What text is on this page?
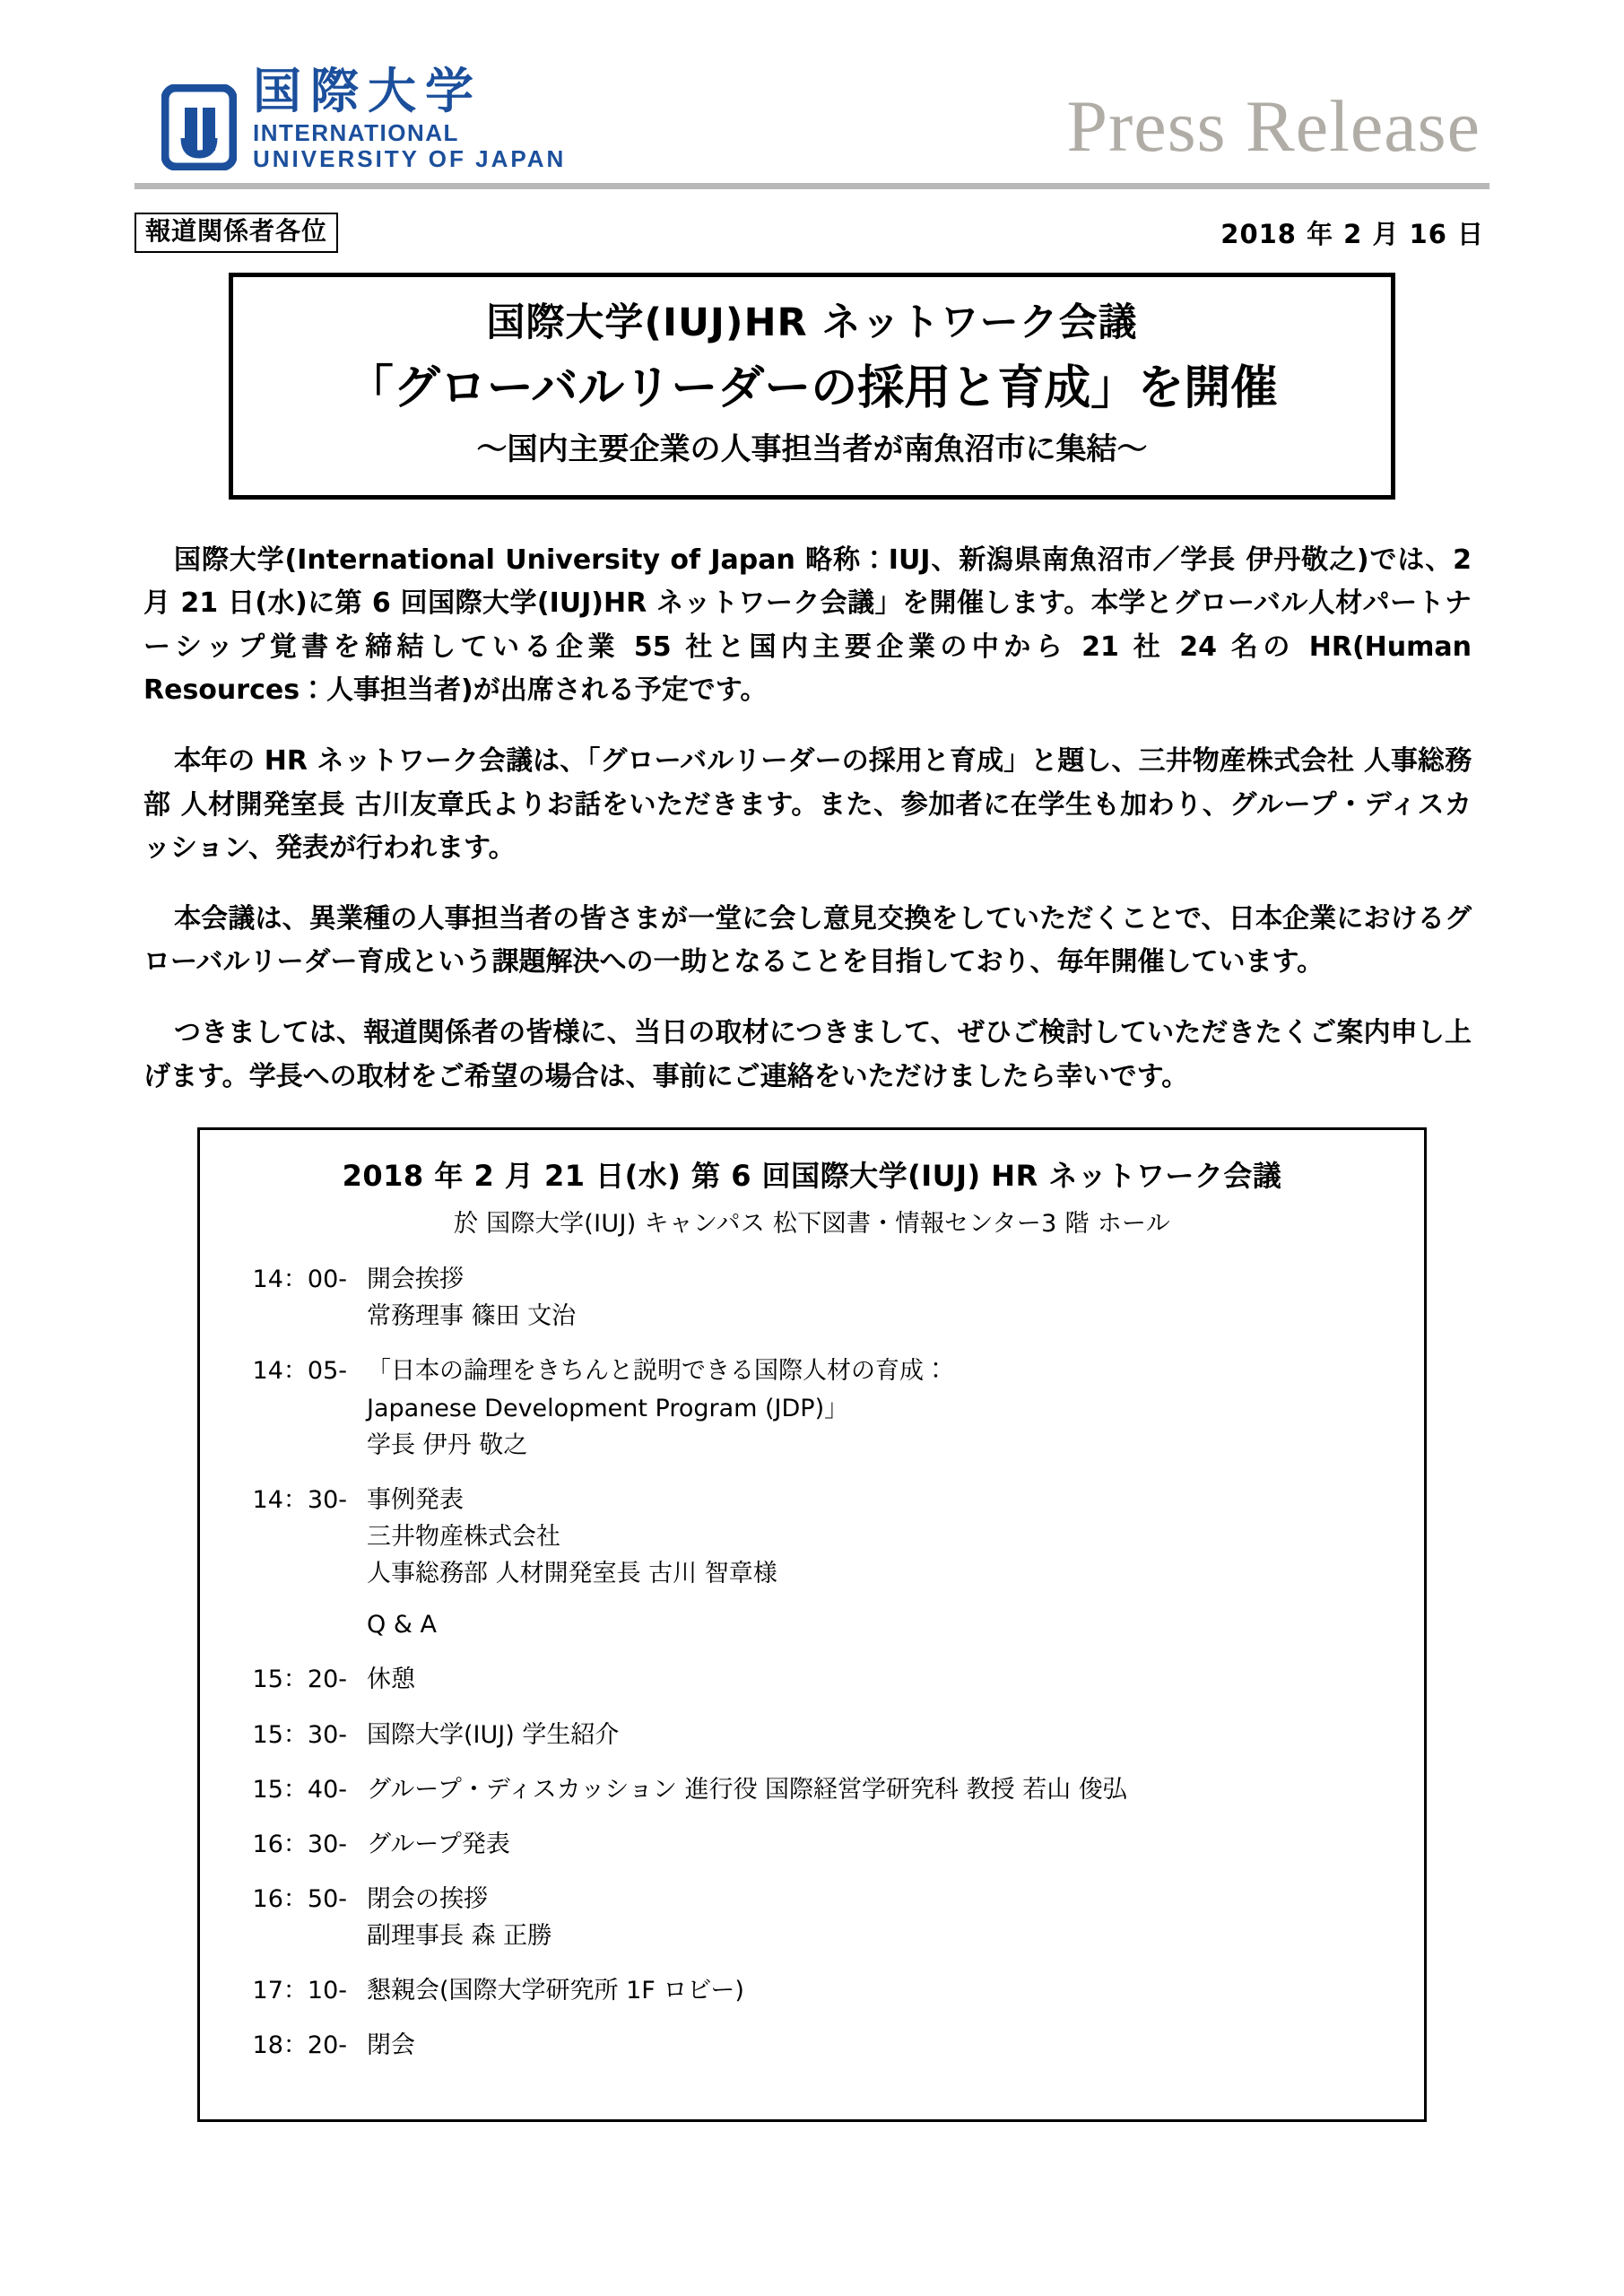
国際大学
INTERNATIONAL
UNIVERSITY OF JAPAN	Press Release
報道関係者各位	2018 年 2 月 16 日
国際大学(IUJ)HR ネットワーク会議
「グローバルリーダーの採用と育成」を開催
～国内主要企業の人事担当者が南魚沼市に集結～

国際大学(International University of Japan 略称：IUJ、新潟県南魚沼市／学長 伊丹敬之)では、2 月 21 日(水)に第 6 回国際大学(IUJ)HR ネットワーク会議」を開催します。本学とグローバル人材パートナーシップ覚書を締結している企業 55 社と国内主要企業の中から 21 社 24 名の HR(Human Resources：人事担当者)が出席される予定です。

本年の HR ネットワーク会議は、「グローバルリーダーの採用と育成」と題し、三井物産株式会社 人事総務部 人材開発室長 古川友章氏よりお話をいただきます。また、参加者に在学生も加わり、グループ・ディスカッション、発表が行われます。

本会議は、異業種の人事担当者の皆さまが一堂に会し意見交換をしていただくことで、日本企業におけるグローバルリーダー育成という課題解決への一助となることを目指しており、毎年開催しています。

つきましては、報道関係者の皆様に、当日の取材につきまして、ぜひご検討していただきたくご案内申し上げます。学長への取材をご希望の場合は、事前にご連絡をいただけましたら幸いです。

2018 年 2 月 21 日(水) 第 6 回国際大学(IUJ) HR ネットワーク会議
於 国際大学(IUJ) キャンパス 松下図書・情報センター3 階 ホール
14：00- 開会挨拶
常務理事 篠田 文治
14：05- 「日本の論理をきちんと説明できる国際人材の育成：
Japanese Development Program (JDP)」
学長 伊丹 敬之
14：30- 事例発表
三井物産株式会社
人事総務部 人材開発室長 古川 智章様
Q & A
15：20- 休憩
15：30- 国際大学(IUJ) 学生紹介
15：40- グループ・ディスカッション 進行役 国際経営学研究科 教授 若山 俊弘
16：30- グループ発表
16：50- 閉会の挨拶
副理事長 森 正勝
17：10- 懇親会(国際大学研究所 1F ロビー)
18：20- 閉会
